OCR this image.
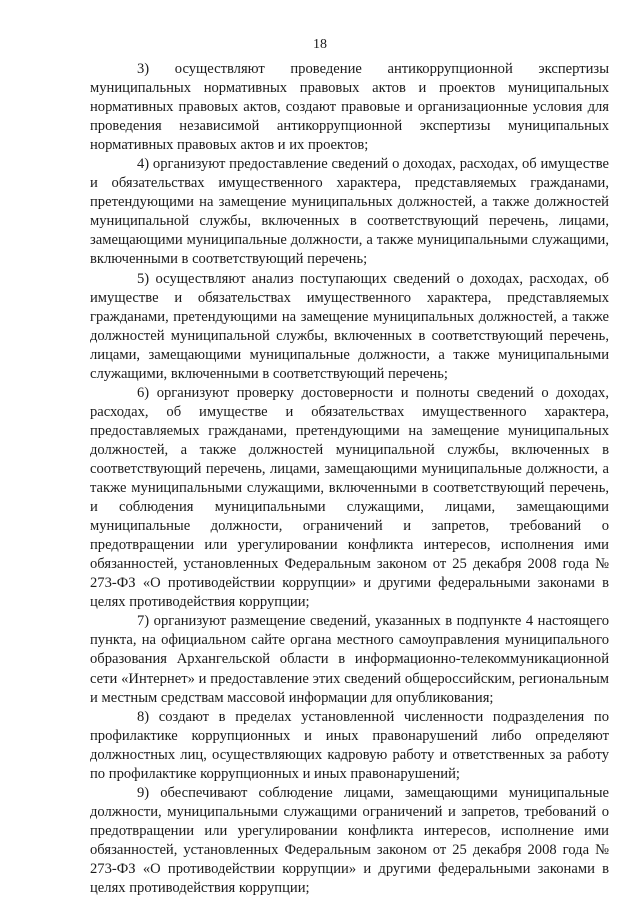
18

3) осуществляют проведение антикоррупционной экспертизы муниципальных нормативных правовых актов и проектов муниципальных нормативных правовых актов, создают правовые и организационные условия для проведения независимой антикоррупционной экспертизы муниципальных нормативных правовых актов и их проектов;

4) организуют предоставление сведений о доходах, расходах, об имуществе и обязательствах имущественного характера, представляемых гражданами, претендующими на замещение муниципальных должностей, а также должностей муниципальной службы, включенных в соответствующий перечень, лицами, замещающими муниципальные должности, а также муниципальными служащими, включенными в соответствующий перечень;

5) осуществляют анализ поступающих сведений о доходах, расходах, об имуществе и обязательствах имущественного характера, представляемых гражданами, претендующими на замещение муниципальных должностей, а также должностей муниципальной службы, включенных в соответствующий перечень, лицами, замещающими муниципальные должности, а также муниципальными служащими, включенными в соответствующий перечень;

6) организуют проверку достоверности и полноты сведений о доходах, расходах, об имуществе и обязательствах имущественного характера, предоставляемых гражданами, претендующими на замещение муниципальных должностей, а также должностей муниципальной службы, включенных в соответствующий перечень, лицами, замещающими муниципальные должности, а также муниципальными служащими, включенными в соответствующий перечень, и соблюдения муниципальными служащими, лицами, замещающими муниципальные должности, ограничений и запретов, требований о предотвращении или урегулировании конфликта интересов, исполнения ими обязанностей, установленных Федеральным законом от 25 декабря 2008 года № 273-ФЗ «О противодействии коррупции» и другими федеральными законами в целях противодействия коррупции;

7) организуют размещение сведений, указанных в подпункте 4 настоящего пункта, на официальном сайте органа местного самоуправления муниципального образования Архангельской области в информационно-телекоммуникационной сети «Интернет» и предоставление этих сведений общероссийским, региональным и местным средствам массовой информации для опубликования;

8) создают в пределах установленной численности подразделения по профилактике коррупционных и иных правонарушений либо определяют должностных лиц, осуществляющих кадровую работу и ответственных за работу по профилактике коррупционных и иных правонарушений;

9) обеспечивают соблюдение лицами, замещающими муниципальные должности, муниципальными служащими ограничений и запретов, требований о предотвращении или урегулировании конфликта интересов, исполнение ими обязанностей, установленных Федеральным законом от 25 декабря 2008 года № 273-ФЗ «О противодействии коррупции» и другими федеральными законами в целях противодействия коррупции;
